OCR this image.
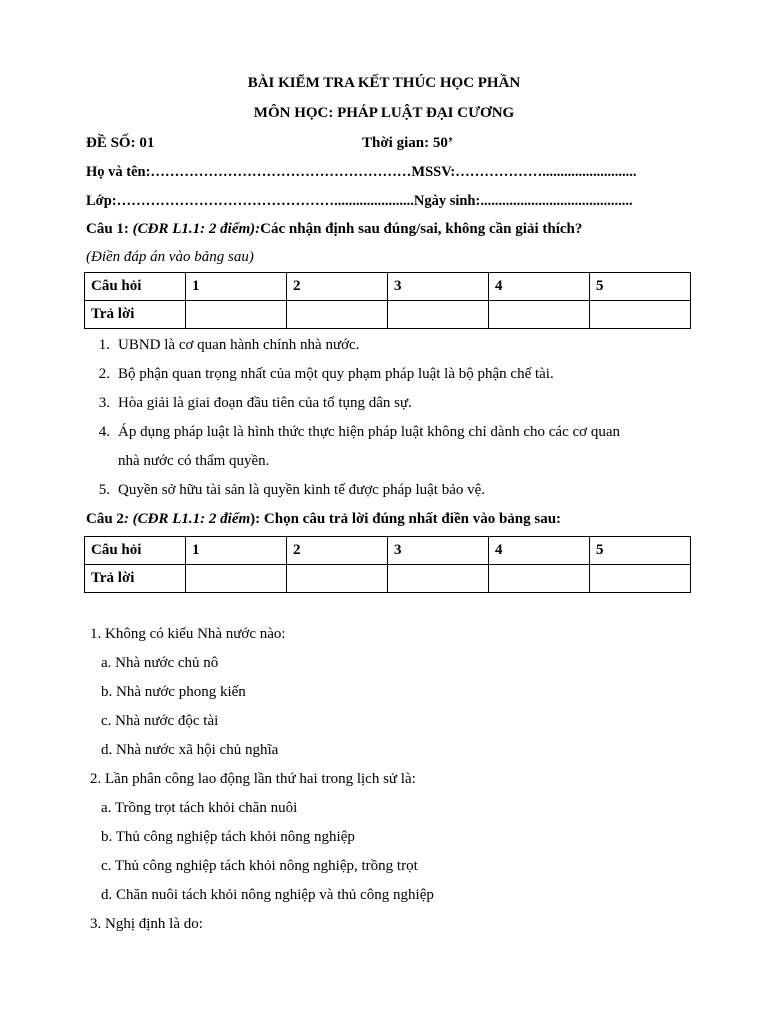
BÀI KIỂM TRA KẾT THÚC HỌC PHẦN
MÔN HỌC: PHÁP LUẬT ĐẠI CƯƠNG
ĐỀ SỐ: 01	Thời gian: 50’
Họ và tên:………………………………………………MSSV:………………..........................
Lớp:………………………………………......................Ngày sinh:..........................................
Câu 1: (CĐR L1.1: 2 điểm):Các nhận định sau đúng/sai, không cần giải thích?
(Điền đáp án vào bảng sau)
Câu hỏi	1	2	3	4	5
Trả lời					
1. UBND là cơ quan hành chính nhà nước.
2. Bộ phận quan trọng nhất của một quy phạm pháp luật là bộ phận chế tài.
3. Hòa giải là giai đoạn đầu tiên của tố tụng dân sự.
4. Áp dụng pháp luật là hình thức thực hiện pháp luật không chỉ dành cho các cơ quan
nhà nước có thẩm quyền.
5. Quyền sở hữu tài sản là quyền kinh tế được pháp luật bảo vệ.
Câu 2: (CĐR L1.1: 2 điểm): Chọn câu trả lời đúng nhất điền vào bảng sau:
Câu hỏi	1	2	3	4	5
Trả lời					
1. Không có kiểu Nhà nước nào:
a. Nhà nước chủ nô
b. Nhà nước phong kiến
c. Nhà nước độc tài
d. Nhà nước xã hội chủ nghĩa
2. Lần phân công lao động lần thứ hai trong lịch sử là:
a. Trồng trọt tách khỏi chăn nuôi
b. Thủ công nghiệp tách khỏi nông nghiệp
c. Thủ công nghiệp tách khỏi nông nghiệp, trồng trọt
d. Chăn nuôi tách khỏi nông nghiệp và thủ công nghiệp
3. Nghị định là do:
